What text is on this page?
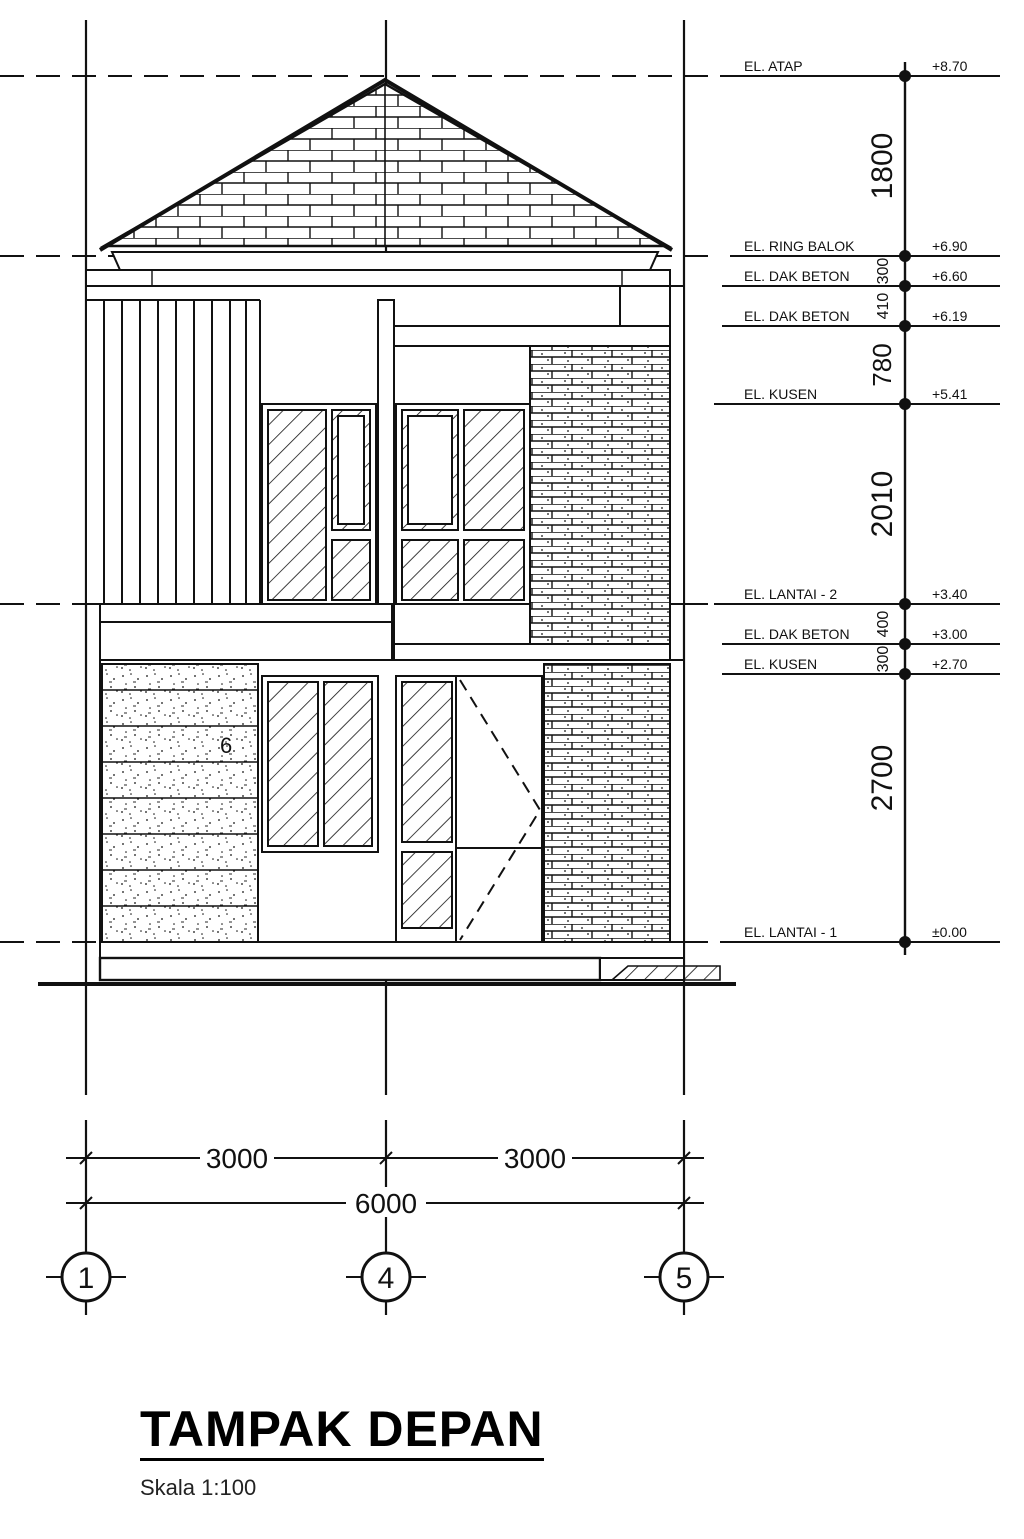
6
EL. ATAP	+8.70
EL. RING BALOK	+6.90
EL. DAK BETON	+6.60
EL. DAK BETON	+6.19
EL. KUSEN	+5.41
EL. LANTAI - 2	+3.40
EL. DAK BETON	+3.00
EL. KUSEN	+2.70
EL. LANTAI - 1	±0.00
1800
300
410
780
2010
400
300
2700
3000	3000
6000
1	4	5
TAMPAK DEPAN
Skala 1:100
